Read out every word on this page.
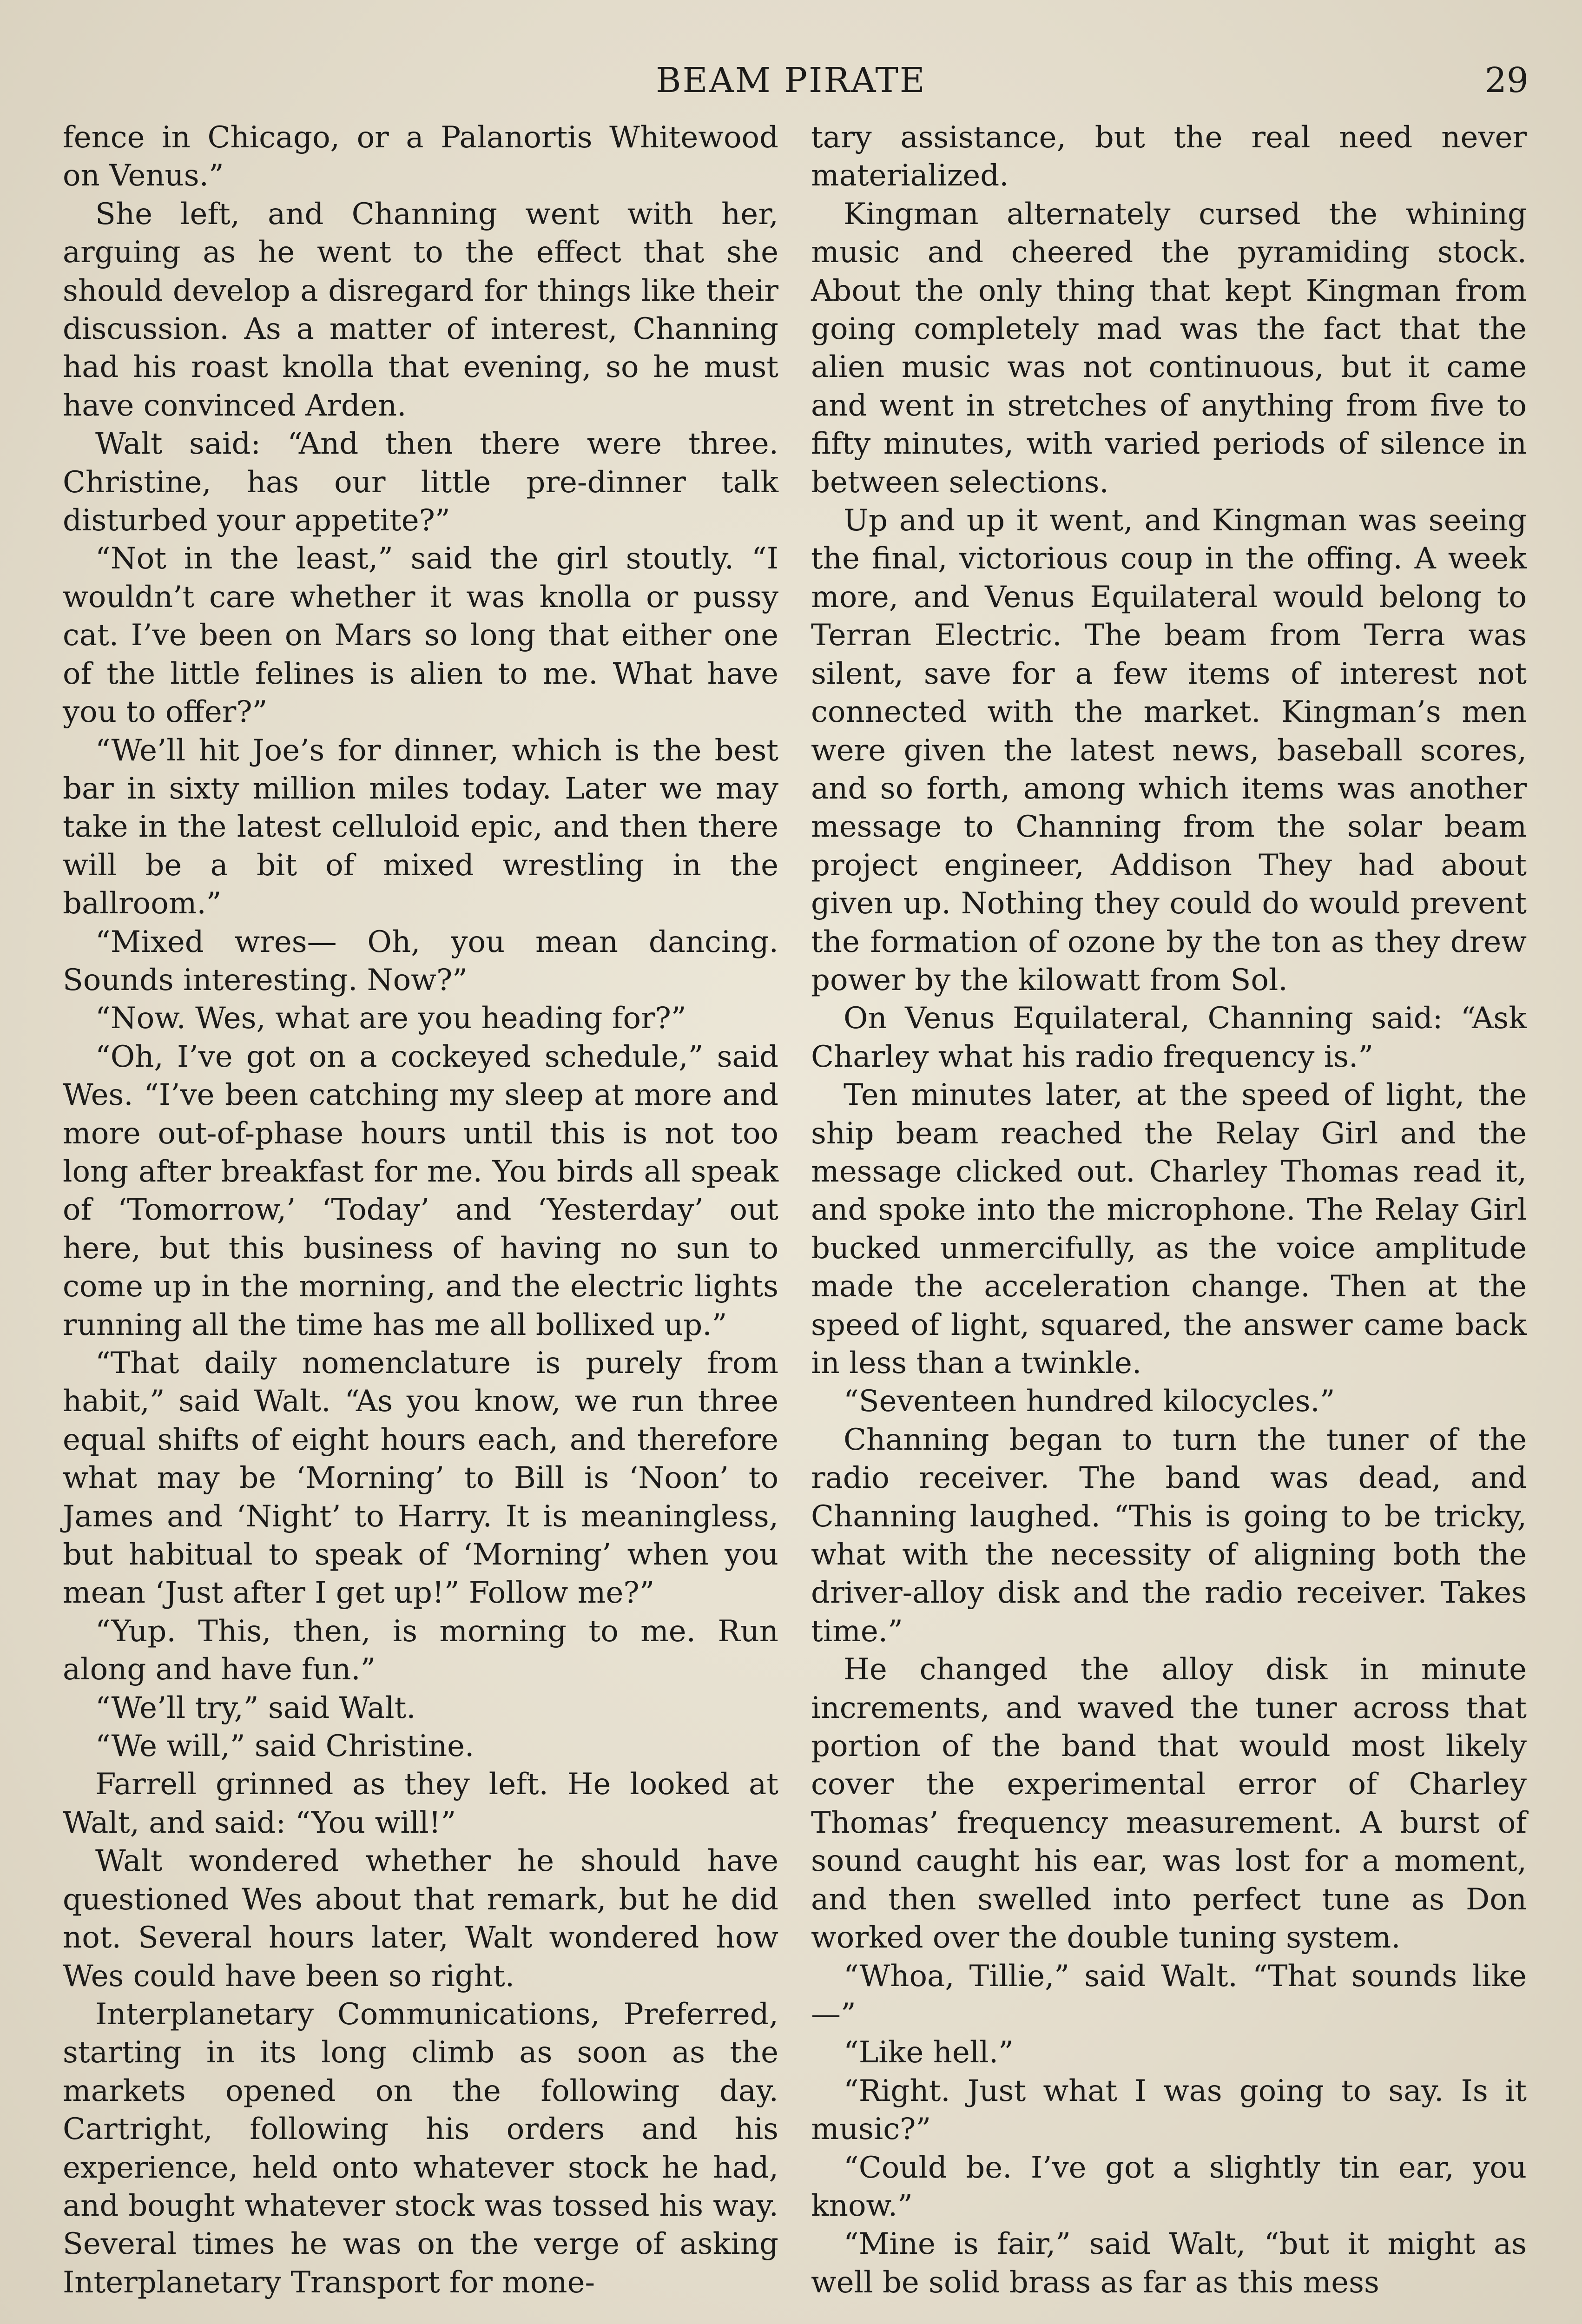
BEAM PIRATE	29

fence in Chicago, or a Palanortis Whitewood on Venus.”

She left, and Channing went with her, arguing as he went to the effect that she should develop a disregard for things like their discussion. As a matter of interest, Channing had his roast knolla that evening, so he must have convinced Arden.

Walt said: “And then there were three. Christine, has our little pre-dinner talk disturbed your appetite?”

“Not in the least,” said the girl stoutly. “I wouldn’t care whether it was knolla or pussy cat. I’ve been on Mars so long that either one of the little felines is alien to me. What have you to offer?”

“We’ll hit Joe’s for dinner, which is the best bar in sixty million miles today. Later we may take in the latest celluloid epic, and then there will be a bit of mixed wrestling in the ballroom.”

“Mixed wres— Oh, you mean dancing. Sounds interesting. Now?”

“Now. Wes, what are you heading for?”

“Oh, I’ve got on a cockeyed schedule,” said Wes. “I’ve been catching my sleep at more and more out-of-phase hours until this is not too long after breakfast for me. You birds all speak of ‘Tomorrow,’ ‘Today’ and ‘Yesterday’ out here, but this business of having no sun to come up in the morning, and the electric lights running all the time has me all bollixed up.”

“That daily nomenclature is purely from habit,” said Walt. “As you know, we run three equal shifts of eight hours each, and therefore what may be ‘Morning’ to Bill is ‘Noon’ to James and ‘Night’ to Harry. It is meaningless, but habitual to speak of ‘Morning’ when you mean ‘Just after I get up!” Follow me?”

“Yup. This, then, is morning to me. Run along and have fun.”

“We’ll try,” said Walt.

“We will,” said Christine.

Farrell grinned as they left. He looked at Walt, and said: “You will!”

Walt wondered whether he should have questioned Wes about that remark, but he did not. Several hours later, Walt wondered how Wes could have been so right.

Interplanetary Communications, Preferred, starting in its long climb as soon as the markets opened on the following day. Cartright, following his orders and his experience, held onto whatever stock he had, and bought whatever stock was tossed his way. Several times he was on the verge of asking Interplanetary Transport for mone-

tary assistance, but the real need never materialized.

Kingman alternately cursed the whining music and cheered the pyramiding stock. About the only thing that kept Kingman from going completely mad was the fact that the alien music was not continuous, but it came and went in stretches of anything from five to fifty minutes, with varied periods of silence in between selections.

Up and up it went, and Kingman was seeing the final, victorious coup in the offing. A week more, and Venus Equilateral would belong to Terran Electric. The beam from Terra was silent, save for a few items of interest not connected with the market. Kingman’s men were given the latest news, baseball scores, and so forth, among which items was another message to Channing from the solar beam project engineer, Addison They had about given up. Nothing they could do would prevent the formation of ozone by the ton as they drew power by the kilowatt from Sol.

On Venus Equilateral, Channing said: “Ask Charley what his radio frequency is.”

Ten minutes later, at the speed of light, the ship beam reached the Relay Girl and the message clicked out. Charley Thomas read it, and spoke into the microphone. The Relay Girl bucked unmercifully, as the voice amplitude made the acceleration change. Then at the speed of light, squared, the answer came back in less than a twinkle.

“Seventeen hundred kilocycles.”

Channing began to turn the tuner of the radio receiver. The band was dead, and Channing laughed. “This is going to be tricky, what with the necessity of aligning both the driver-alloy disk and the radio receiver. Takes time.”

He changed the alloy disk in minute increments, and waved the tuner across that portion of the band that would most likely cover the experimental error of Charley Thomas’ frequency measurement. A burst of sound caught his ear, was lost for a moment, and then swelled into perfect tune as Don worked over the double tuning system.

“Whoa, Tillie,” said Walt. “That sounds like—”

“Like hell.”

“Right. Just what I was going to say. Is it music?”

“Could be. I’ve got a slightly tin ear, you know.”

“Mine is fair,” said Walt, “but it might as well be solid brass as far as this mess
